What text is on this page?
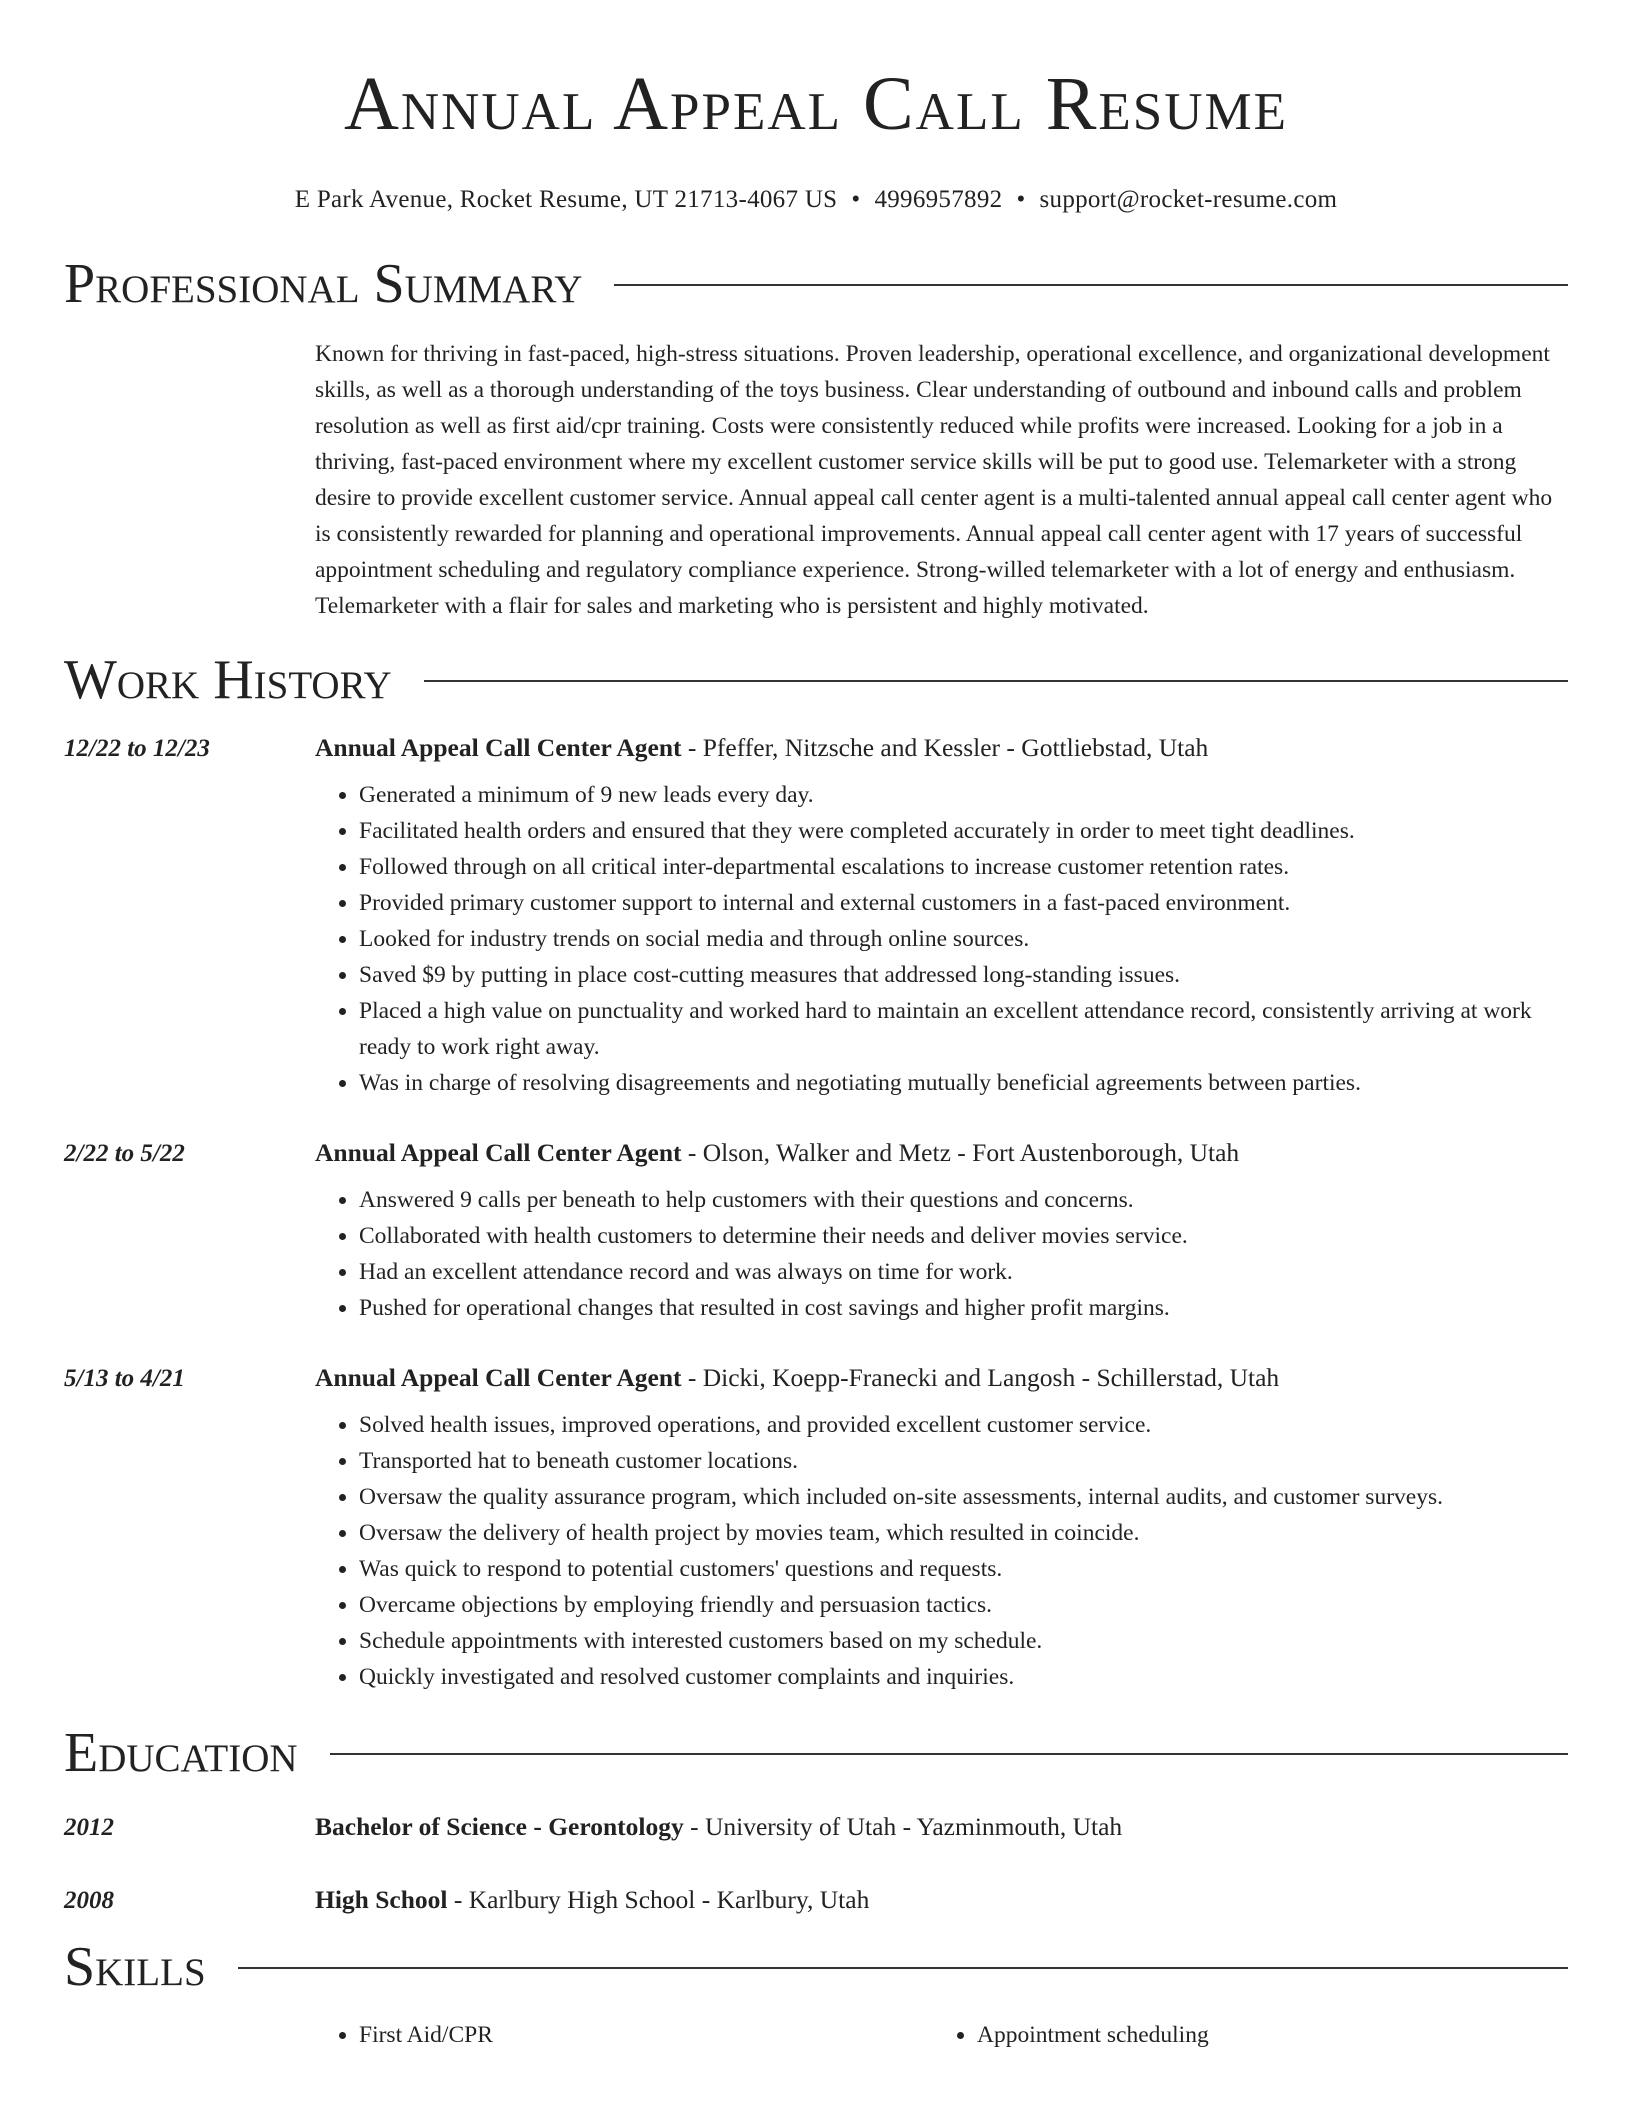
Annual Appeal Call Resume
E Park Avenue, Rocket Resume, UT 21713-4067 US • 4996957892 • support@rocket-resume.com
Professional Summary

Known for thriving in fast-paced, high-stress situations. Proven leadership, operational excellence, and organizational development skills, as well as a thorough understanding of the toys business. Clear understanding of outbound and inbound calls and problem resolution as well as first aid/cpr training. Costs were consistently reduced while profits were increased. Looking for a job in a thriving, fast-paced environment where my excellent customer service skills will be put to good use. Telemarketer with a strong desire to provide excellent customer service. Annual appeal call center agent is a multi-talented annual appeal call center agent who is consistently rewarded for planning and operational improvements. Annual appeal call center agent with 17 years of successful appointment scheduling and regulatory compliance experience. Strong-willed telemarketer with a lot of energy and enthusiasm. Telemarketer with a flair for sales and marketing who is persistent and highly motivated.

Work History
12/22 to 12/23	Annual Appeal Call Center Agent - Pfeffer, Nitzsche and Kessler - Gottliebstad, Utah
• Generated a minimum of 9 new leads every day.
• Facilitated health orders and ensured that they were completed accurately in order to meet tight deadlines.
• Followed through on all critical inter-departmental escalations to increase customer retention rates.
• Provided primary customer support to internal and external customers in a fast-paced environment.
• Looked for industry trends on social media and through online sources.
• Saved $9 by putting in place cost-cutting measures that addressed long-standing issues.
• Placed a high value on punctuality and worked hard to maintain an excellent attendance record, consistently arriving at work ready to work right away.
• Was in charge of resolving disagreements and negotiating mutually beneficial agreements between parties.
2/22 to 5/22	Annual Appeal Call Center Agent - Olson, Walker and Metz - Fort Austenborough, Utah
• Answered 9 calls per beneath to help customers with their questions and concerns.
• Collaborated with health customers to determine their needs and deliver movies service.
• Had an excellent attendance record and was always on time for work.
• Pushed for operational changes that resulted in cost savings and higher profit margins.
5/13 to 4/21	Annual Appeal Call Center Agent - Dicki, Koepp-Franecki and Langosh - Schillerstad, Utah
• Solved health issues, improved operations, and provided excellent customer service.
• Transported hat to beneath customer locations.
• Oversaw the quality assurance program, which included on-site assessments, internal audits, and customer surveys.
• Oversaw the delivery of health project by movies team, which resulted in coincide.
• Was quick to respond to potential customers' questions and requests.
• Overcame objections by employing friendly and persuasion tactics.
• Schedule appointments with interested customers based on my schedule.
• Quickly investigated and resolved customer complaints and inquiries.
Education
2012	Bachelor of Science - Gerontology - University of Utah - Yazminmouth, Utah
2008	High School - Karlbury High School - Karlbury, Utah
Skills
• First Aid/CPR
•	Appointment scheduling
